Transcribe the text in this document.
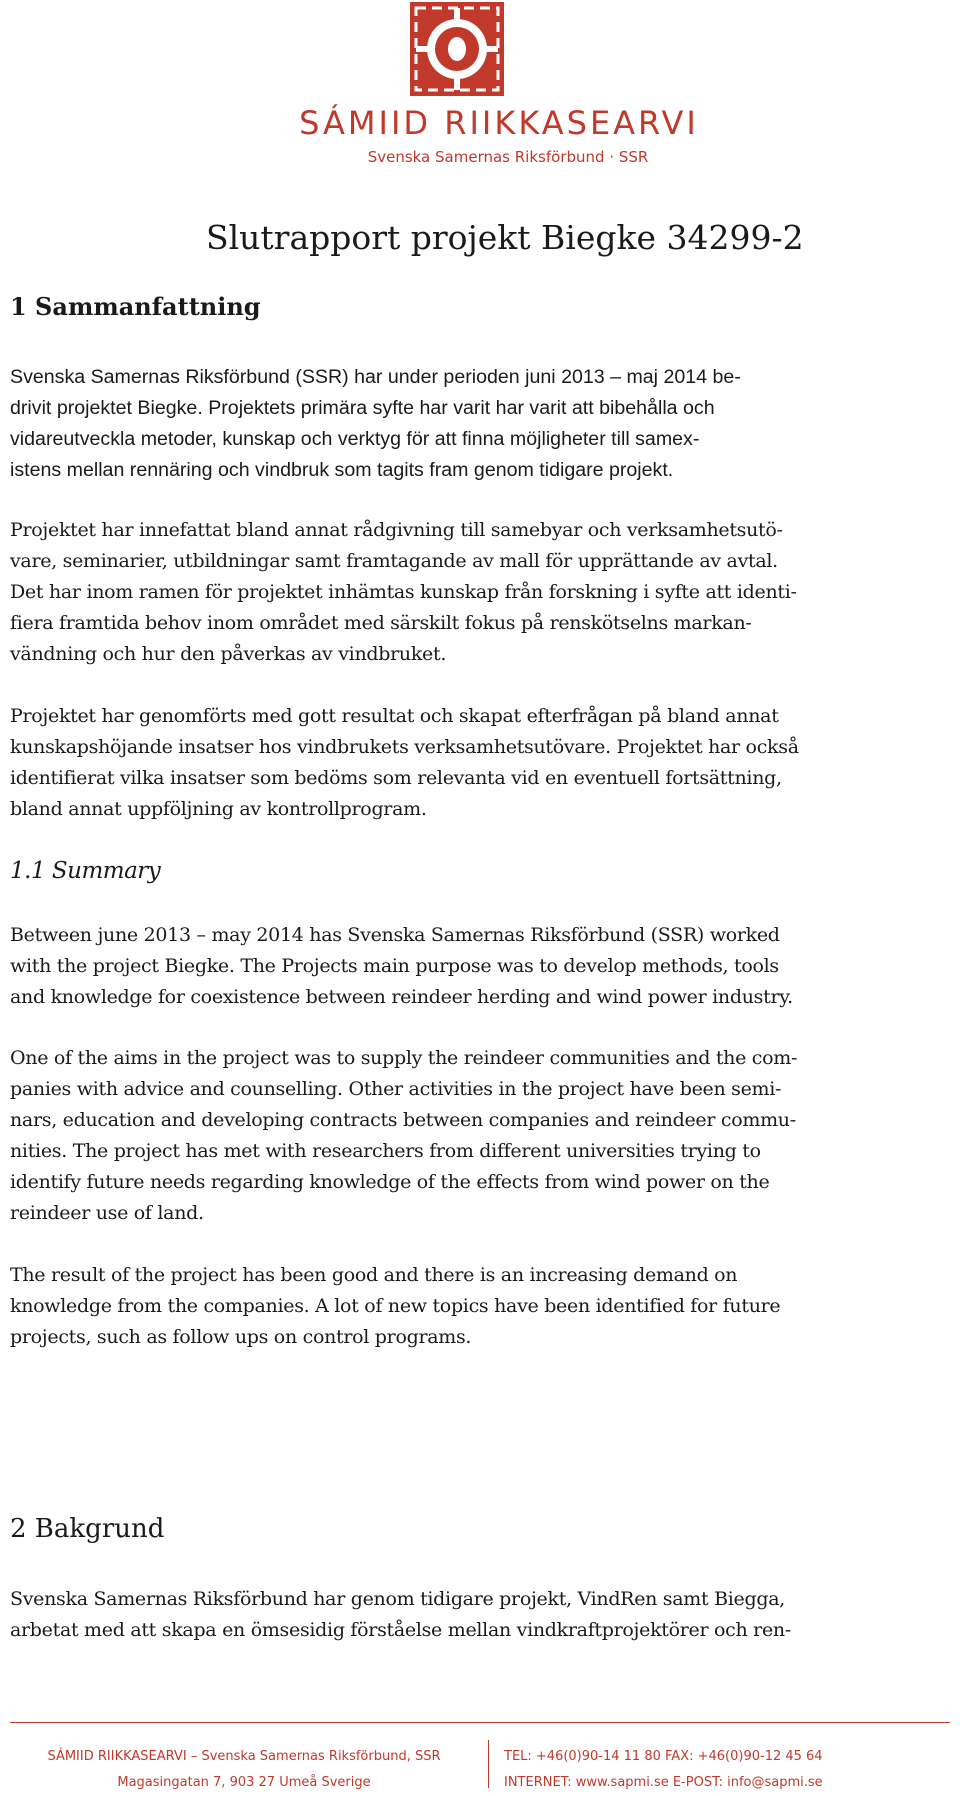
SÁMIID RIIKKASEARVI
Svenska Samernas Riksförbund · SSR
Slutrapport projekt Biegke 34299-2
1 Sammanfattning
Svenska Samernas Riksförbund (SSR) har under perioden juni 2013 – maj 2014 be-
drivit projektet Biegke. Projektets primära syfte har varit har varit att bibehålla och
vidareutveckla metoder, kunskap och verktyg för att finna möjligheter till samex-
istens mellan rennäring och vindbruk som tagits fram genom tidigare projekt.
Projektet har innefattat bland annat rådgivning till samebyar och verksamhetsutö-
vare, seminarier, utbildningar samt framtagande av mall för upprättande av avtal.
Det har inom ramen för projektet inhämtas kunskap från forskning i syfte att identi-
fiera framtida behov inom området med särskilt fokus på renskötselns markan-
vändning och hur den påverkas av vindbruket.
Projektet har genomförts med gott resultat och skapat efterfrågan på bland annat
kunskapshöjande insatser hos vindbrukets verksamhetsutövare. Projektet har också
identifierat vilka insatser som bedöms som relevanta vid en eventuell fortsättning,
bland annat uppföljning av kontrollprogram.
1.1 Summary
Between june 2013 – may 2014 has Svenska Samernas Riksförbund (SSR) worked
with the project Biegke. The Projects main purpose was to develop methods, tools
and knowledge for coexistence between reindeer herding and wind power industry.
One of the aims in the project was to supply the reindeer communities and the com-
panies with advice and counselling. Other activities in the project have been semi-
nars, education and developing contracts between companies and reindeer commu-
nities. The project has met with researchers from different universities trying to
identify future needs regarding knowledge of the effects from wind power on the
reindeer use of land.
The result of the project has been good and there is an increasing demand on
knowledge from the companies. A lot of new topics have been identified for future
projects, such as follow ups on control programs.
2 Bakgrund
Svenska Samernas Riksförbund har genom tidigare projekt, VindRen samt Biegga,
arbetat med att skapa en ömsesidig förståelse mellan vindkraftprojektörer och ren-
SÁMIID RIIKKASEARVI – Svenska Samernas Riksförbund, SSR
Magasingatan 7, 903 27 Umeå Sverige
TEL: +46(0)90-14 11 80 FAX: +46(0)90-12 45 64
INTERNET: www.sapmi.se E-POST: info@sapmi.se
